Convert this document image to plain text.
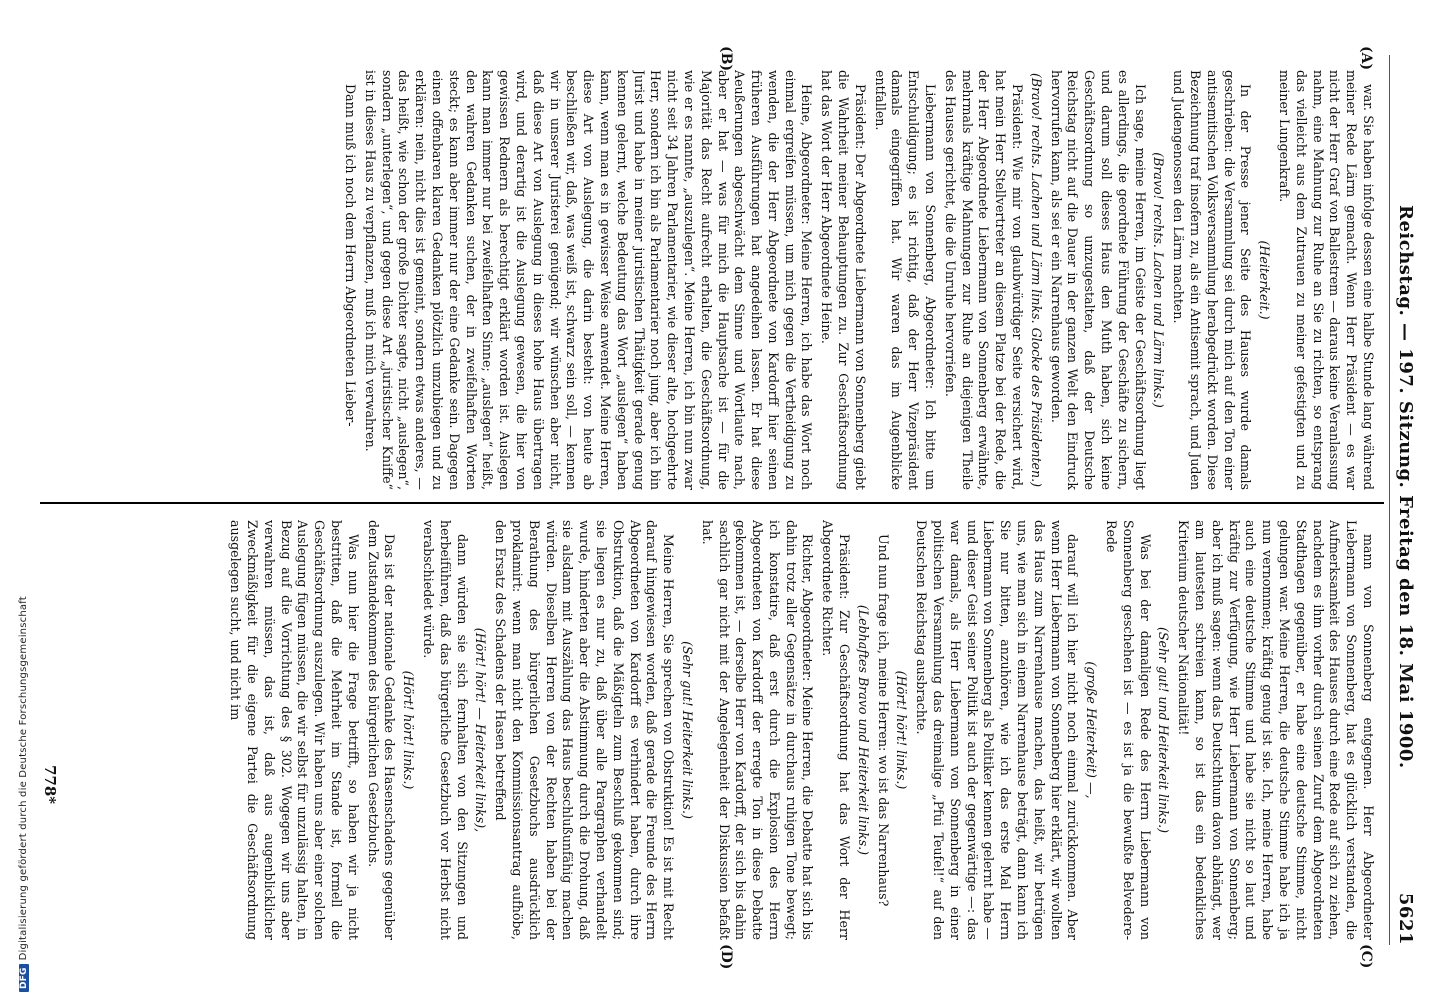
Reichstag. — 197. Sitzung. Freitag den 18. Mai 1900.
5621
(A)
(B)
(C)
(D)

war. Sie haben infolge dessen eine halbe Stunde lang während meiner Rede Lärm gemacht. Wenn Herr Präsident — es war nicht der Herr Graf von Ballestrem — daraus keine Veranlassung nahm, eine Mahnung zur Ruhe an Sie zu richten, so entsprang das vielleicht aus dem Zutrauen zu meiner gefestigten und zu meiner Lungenkraft.

(Heiterkeit.)

In der Presse jener Seite des Hauses wurde damals geschrieben: die Versammlung sei durch mich auf den Ton einer antisemitischen Volksversammlung herabgedrückt worden. Diese Bezeichnung traf insofern zu, als ein Antisemit sprach, und Juden und Judengenossen den Lärm machten.

(Bravo! rechts. Lachen und Lärm links.)

Ich sage, meine Herren, im Geiste der Geschäftsordnung liegt es allerdings, die geordnete Führung der Geschäfte zu sichern, und darum soll dieses Haus den Muth haben, sich keine Geschäftsordnung so umzugestalten, daß der Deutsche Reichstag nicht auf die Dauer in der ganzen Welt den Eindruck hervorrufen kann, als sei er ein Narrenhaus geworden.

(Bravo! rechts. Lachen und Lärm links. Glocke des Präsidenten.)

Präsident: Wie mir von glaubwürdiger Seite versichert wird, hat mein Herr Stellvertreter an diesem Platze bei der Rede, die der Herr Abgeordnete Liebermann von Sonnenberg erwähnte, mehrmals kräftige Mahnungen zur Ruhe an diejenigen Theile des Hauses gerichtet, die die Unruhe hervorriefen.

Liebermann von Sonnenberg, Abgeordneter: Ich bitte um Entschuldigung; es ist richtig, daß der Herr Vizepräsident damals eingegriffen hat. Wir waren das im Augenblicke entfallen.

Präsident: Der Abgeordnete Liebermann von Sonnenberg giebt die Wahrheit meiner Behauptungen zu. Zur Geschäftsordnung hat das Wort der Herr Abgeordnete Heine.

Heine, Abgeordneter: Meine Herren, ich habe das Wort noch einmal ergreifen müssen, um mich gegen die Vertheidigung zu wenden, die der Herr Abgeordnete von Kardorff hier seinen früheren Ausführungen hat angedeihen lassen. Er hat diese Aeußerungen abgeschwächt dem Sinne und Wortlaute nach, aber er hat — was für mich die Hauptsache ist — für die Majorität das Recht aufrecht erhalten, die Geschäftsordnung, wie er es nannte, „auszulegen“. Meine Herren, ich bin nun zwar nicht seit 34 Jahren Parlamentarier, wie dieser alte, hochgeehrte Herr, sondern ich bin als Parlamentarier noch jung, aber ich bin Jurist und habe in meiner juristischen Thätigkeit gerade genug kennen gelernt, welche Bedeutung das Wort „auslegen“ haben kann, wenn man es in gewisser Weise anwendet. Meine Herren, diese Art von Auslegung, die darin besteht: von heute ab beschließen wir, daß, was weiß ist, schwarz sein soll, — kennen wir in unserer Juristerei genügend; wir wünschen aber nicht, daß diese Art von Auslegung in dieses hohe Haus übertragen wird, und derartig ist die Auslegung gewesen, die hier von gewissen Rednern als berechtigt erklärt worden ist. Auslegen kann man immer nur bei zweifelhaften Sinne; „auslegen“ heißt, den wahren Gedanken suchen, der in zweifelhaften Worten steckt; es kann aber immer nur der eine Gedanke sein. Dagegen einen offenbaren klaren Gedanken plötzlich umzubiegen und zu erklären: nein, nicht dies ist gemeint, sondern etwas anderes, — das heißt, wie schon der große Dichter sagte, nicht „auslegen“, sondern „unterlegen“, und gegen diese Art „juristischer Kniffe“ ist in dieses Haus zu verpflanzen, muß ich mich verwahren.

Dann muß ich noch dem Herrn Abgeordneten Lieber-

mann von Sonnenberg entgegnen. Herr Abgeordneter Liebermann von Sonnenberg, hat es glücklich verstanden, die Aufmerksamkeit des Hauses durch eine Rede auf sich zu ziehen, nachdem es ihm vorher durch seinen Zuruf dem Abgeordneten Stadthagen gegenüber, er habe eine deutsche Stimme, nicht gelungen war. Meine Herren, die deutsche Stimme habe ich ja nun vernommen; kräftig genug ist sie. Ich, meine Herren, habe auch eine deutsche Stimme und habe sie nicht so laut und kräftig zur Verfügung, wie Herr Liebermann von Sonnenberg; aber ich muß sagen: wenn das Deutschthum davon abhängt, wer am lautesten schreien kann, so ist das ein bedenkliches Kriterium deutscher Nationalität!

(Sehr gut! und Heiterkeit links.)

Was bei der damaligen Rede des Herrn Liebermann von Sonnenberg geschehen ist — es ist ja die bewußte Belvedere-Rede

(große Heiterkeit) —,

darauf will ich hier nicht noch einmal zurückkommen. Aber wenn Herr Liebermann von Sonnenberg hier erklärt, wir wollten das Haus zum Narrenhause machen, das heißt, wir betrügen uns, wie man sich in einem Narrenhause beträgt, dann kann ich Sie nur bitten, anzuhören, wie ich das erste Mal Herrn Liebermann von Sonnenberg als Politiker kennen gelernt habe — und dieser Geist seiner Politik ist auch der gegenwärtige —: das war damals, als Herr Liebermann von Sonnenberg in einer politischen Versammlung das dreimalige „Pfui Teufel!“ auf den Deutschen Reichstag ausbrachte.

(Hört! hört! links.)

Und nun frage ich, meine Herren: wo ist das Narrenhaus?

(Lebhaftes Bravo und Heiterkeit links.)

Präsident: Zur Geschäftsordnung hat das Wort der Herr Abgeordnete Richter.

Richter, Abgeordneter: Meine Herren, die Debatte hat sich bis dahin trotz aller Gegensätze in durchaus ruhigen Tone bewegt; ich konstatire, daß erst durch die Explosion des Herrn Abgeordneten von Kardorff der erregte Ton in diese Debatte gekommen ist, — derselbe Herr von Kardorff, der sich bis dahin sachlich gar nicht mit der Angelegenheit der Diskussion befaßt hat.

(Sehr gut! Heiterkeit links.)

Meine Herren, Sie sprechen von Obstruktion! Es ist mit Recht darauf hingewiesen worden, daß gerade die Freunde des Herrn Abgeordneten von Kardorff es verhindert haben, durch ihre Obstruktion, daß die Mäßigteln zum Beschluß gekommen sind; sie liegen es nur zu, daß über alle Paragraphen verhandelt wurde, hinderten aber die Abstimmung durch die Drohung, daß sie alsdann mit Auszählung das Haus beschlußunfähig machen würden. Dieselben Herren von der Rechten haben bei der Berathung des bürgerlichen Gesetzbuchs ausdrücklich proklamirt: wenn man nicht den Kommissionsantrag aufhöbe, den Ersatz des Schadens der Hasen betreffend

(Hört! hört! — Heiterkeit links),

dann würden sie sich fernhalten von den Sitzungen und herbeiführen, daß das bürgerliche Gesetzbuch vor Herbst nicht verabschiedet würde.

(Hört! hört! links.)

Das ist der nationale Gedanke des Hasenschadens gegenüber dem Zustandekommen des bürgerlichen Gesetzbuchs.

Was nun hier die Frage betrifft, so haben wir ja nicht bestritten, daß die Mehrheit im Stande ist, formell die Geschäftsordnung auszulegen. Wir haben uns aber einer solchen Auslegung fügen müssen, die wir selbst für unzulässig halten, in Bezug auf die Vorrichtung des § 302. Wogegen wir uns aber verwahren müssen, das ist, daß aus augenblicklicher Zweckmäßigkeit für die eigene Partei die Geschäftsordnung ausgelegen sucht, und nicht im

778*
DFGDigitalisierung gefördert durch die Deutsche Forschungsgemeinschaft
